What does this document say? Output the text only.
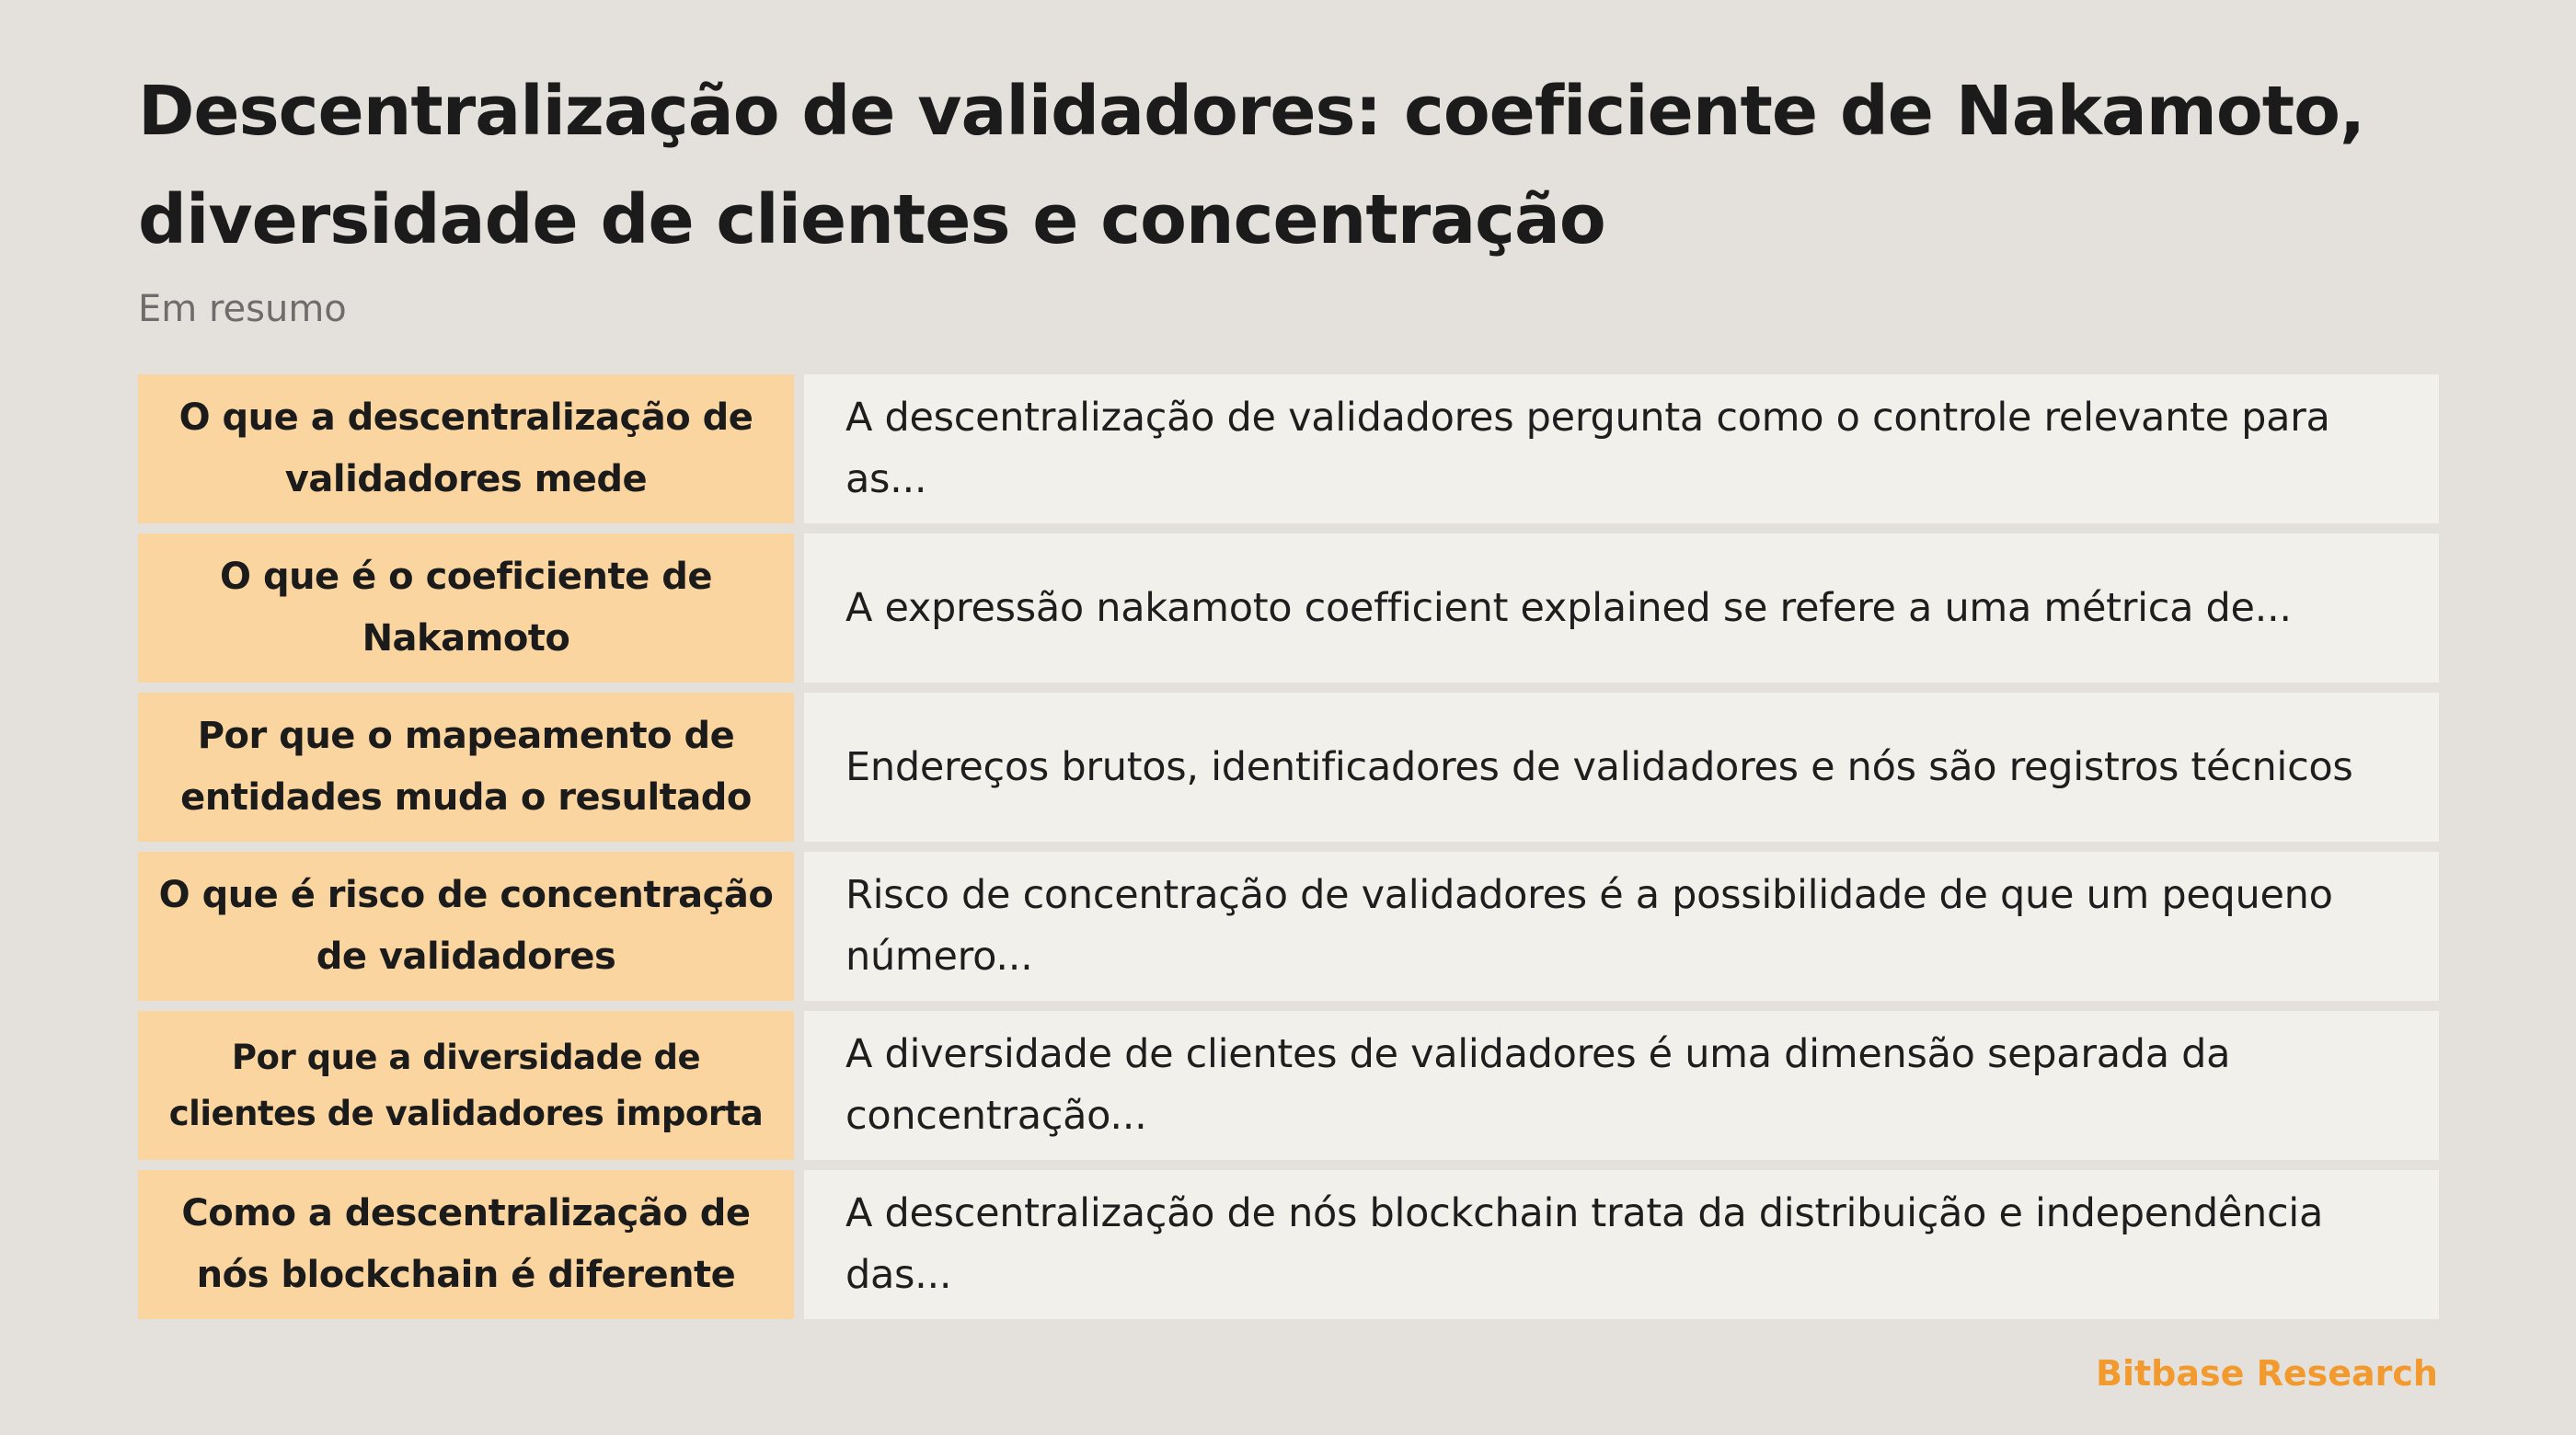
Descentralização de validadores: coeficiente de Nakamoto, diversidade de clientes e concentração
Em resumo
O que a descentralização de validadores mede
A descentralização de validadores pergunta como o controle relevante para as...
O que é o coeficiente de Nakamoto
A expressão nakamoto coefficient explained se refere a uma métrica de...
Por que o mapeamento de entidades muda o resultado
Endereços brutos, identificadores de validadores e nós são registros técnicos
O que é risco de concentração de validadores
Risco de concentração de validadores é a possibilidade de que um pequeno número...
Por que a diversidade de clientes de validadores importa
A diversidade de clientes de validadores é uma dimensão separada da concentração...
Como a descentralização de nós blockchain é diferente
A descentralização de nós blockchain trata da distribuição e independência das...
Bitbase Research
